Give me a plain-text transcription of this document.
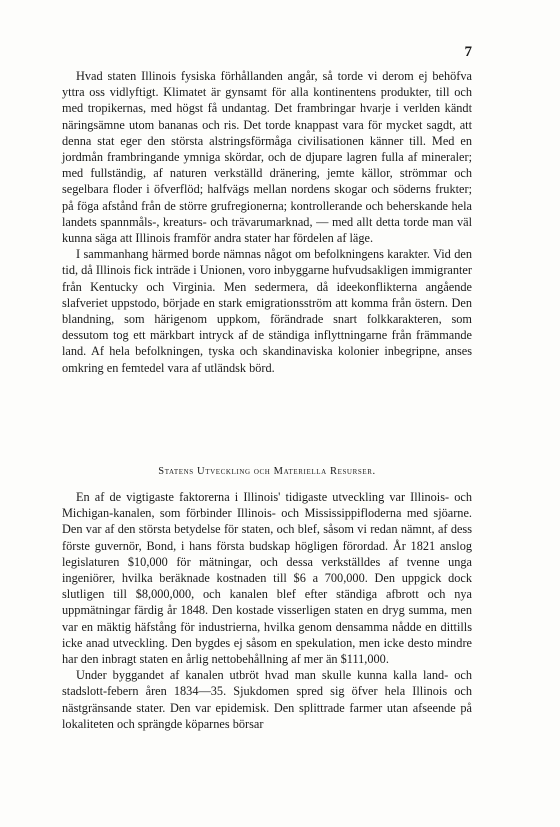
7

Hvad staten Illinois fysiska förhållanden angår, så torde vi derom ej behöfva yttra oss vidlyftigt. Klimatet är gynsamt för alla kontinentens produkter, till och med tropikernas, med högst få undantag. Det frambringar hvarje i verlden kändt näringsämne utom bananas och ris. Det torde knappast vara för mycket sagdt, att denna stat eger den största alstringsförmåga civilisationen känner till. Med en jordmån frambringande ymniga skördar, och de djupare lagren fulla af mineraler; med fullständig, af naturen verkställd dränering, jemte källor, strömmar och segelbara floder i öfverflöd; halfvägs mellan nordens skogar och söderns frukter; på föga afstånd från de större grufregionerna; kontrollerande och beherskande hela landets spannmåls-, kreaturs- och trävarumarknad, — med allt detta torde man väl kunna säga att Illinois framför andra stater har fördelen af läge.

I sammanhang härmed borde nämnas något om befolkningens karakter. Vid den tid, då Illinois fick inträde i Unionen, voro inbyggarne hufvudsakligen immigranter från Kentucky och Virginia. Men sedermera, då ideekonflikterna angående slafveriet uppstodo, började en stark emigrationsström att komma från östern. Den blandning, som härigenom uppkom, förändrade snart folkkarakteren, som dessutom tog ett märkbart intryck af de ständiga inflyttningarne från främmande land. Af hela befolkningen, tyska och skandinaviska kolonier inbegripne, anses omkring en femtedel vara af utländsk börd.

Statens Utveckling och Materiella Resurser.

En af de vigtigaste faktorerna i Illinois' tidigaste utveckling var Illinois- och Michigan-kanalen, som förbinder Illinois- och Mississippifloderna med sjöarne. Den var af den största betydelse för staten, och blef, såsom vi redan nämnt, af dess förste guvernör, Bond, i hans första budskap högligen förordad. År 1821 anslog legislaturen $10,000 för mätningar, och dessa verkställdes af tvenne unga ingeniörer, hvilka beräknade kostnaden till $6 a 700,000. Den uppgick dock slutligen till $8,000,000, och kanalen blef efter ständiga afbrott och nya uppmätningar färdig år 1848. Den kostade visserligen staten en dryg summa, men var en mäktig häfstång för industrierna, hvilka genom densamma nådde en dittills icke anad utveckling. Den bygdes ej såsom en spekulation, men icke desto mindre har den inbragt staten en årlig nettobehållning af mer än $111,000.

Under byggandet af kanalen utbröt hvad man skulle kunna kalla land- och stadslott-febern åren 1834—35. Sjukdomen spred sig öfver hela Illinois och nästgränsande stater. Den var epidemisk. Den splittrade farmer utan afseende på lokaliteten och sprängde köparnes börsar
